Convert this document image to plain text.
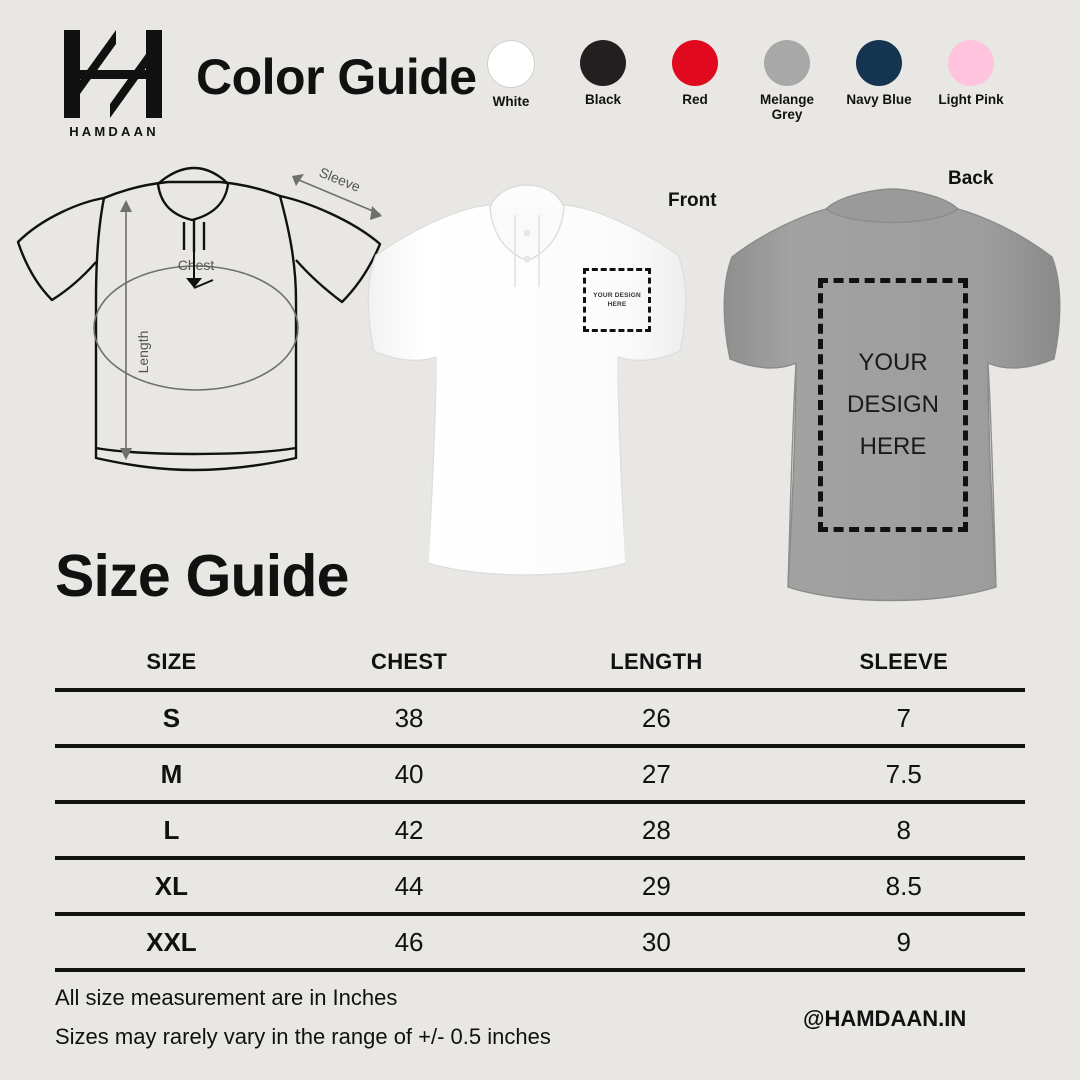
HAMDAAN
Color Guide	White	Black	Red	Melange Grey
Navy Blue Light Pink
Chest
Length
Sleeve
Front
YOUR DESIGN
HERE
Back
YOUR
DESIGN
HERE
Size Guide
SIZE	CHEST	LENGTH	SLEEVE
S	38	26	7
M	40	27	7.5
L	42	28	8
XL	44	29	8.5
XXL	46	30	9
All size measurement are in Inches
Sizes may rarely vary in the range of +/- 0.5 inches
@HAMDAAN.IN
